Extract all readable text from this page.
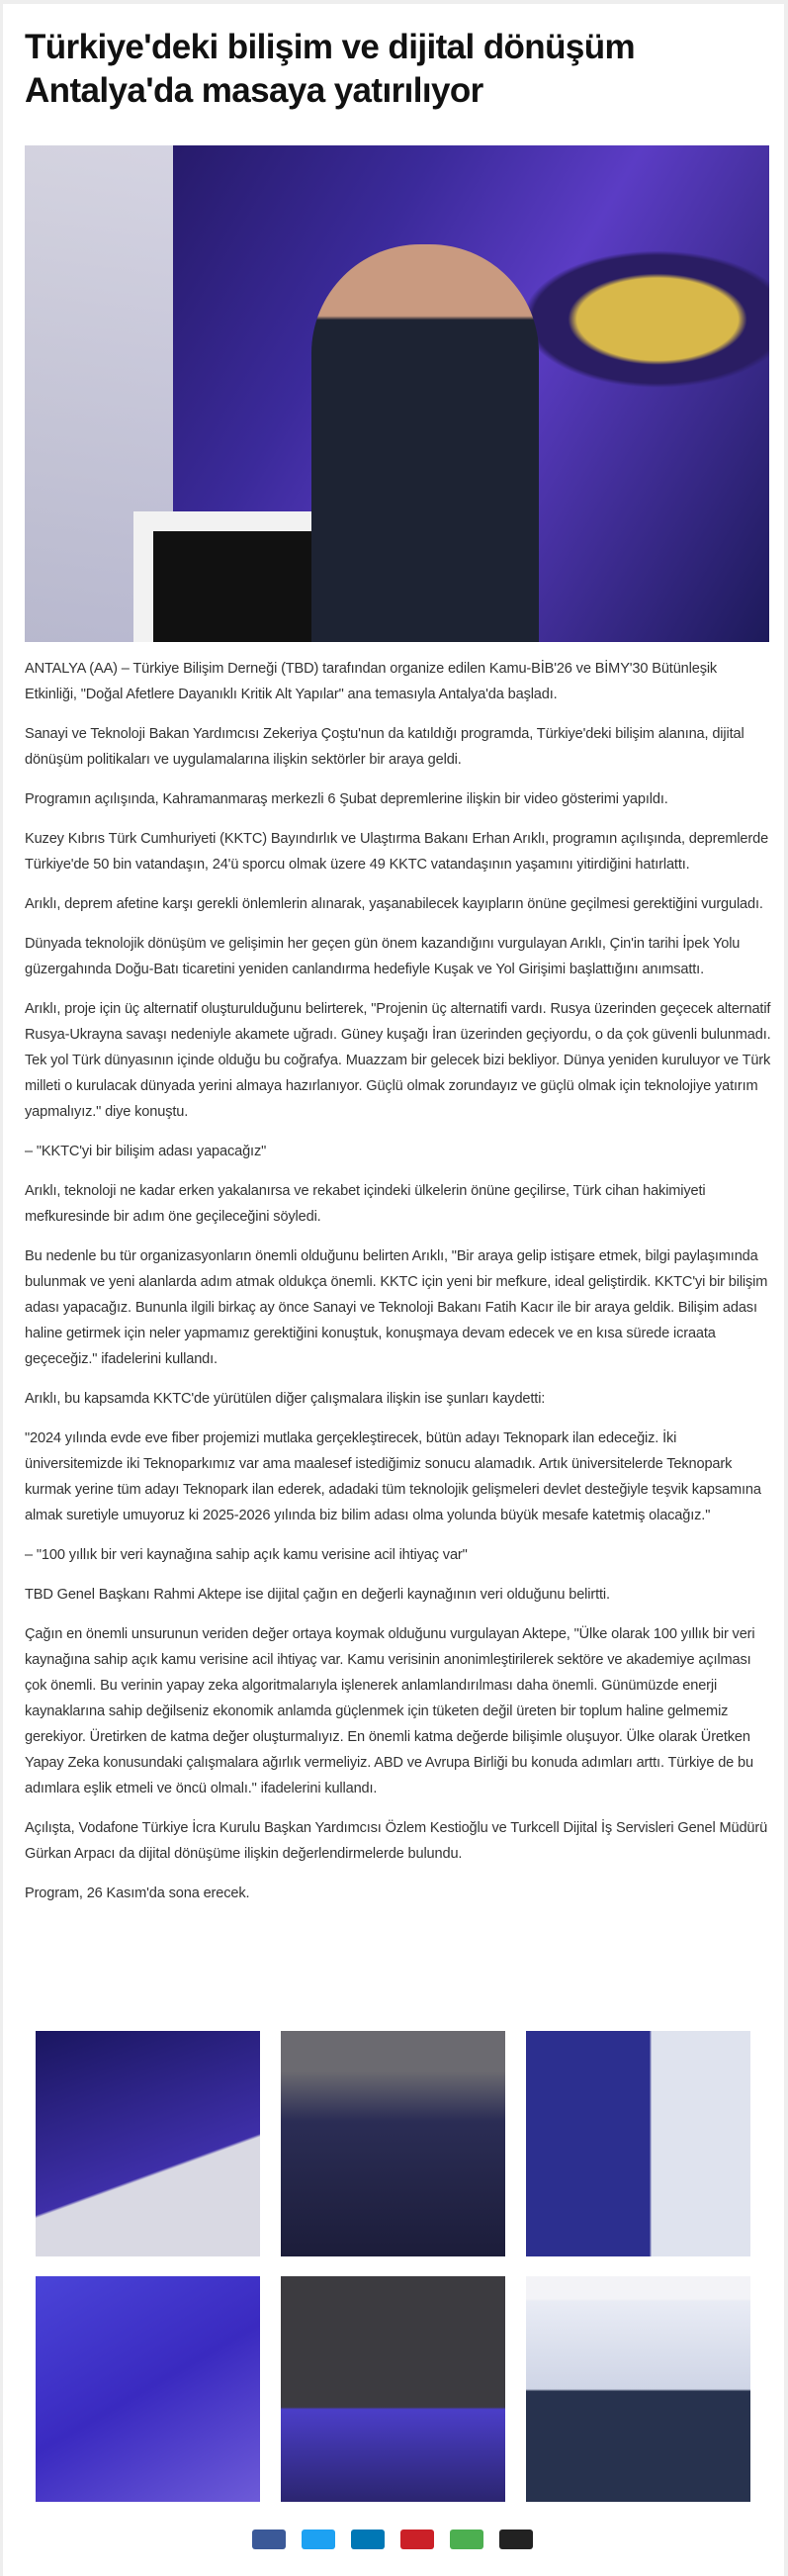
Türkiye'deki bilişim ve dijital dönüşüm Antalya'da masaya yatırılıyor

ANTALYA (AA) – Türkiye Bilişim Derneği (TBD) tarafından organize edilen Kamu-BİB'26 ve BİMY'30 Bütünleşik Etkinliği, "Doğal Afetlere Dayanıklı Kritik Alt Yapılar" ana temasıyla Antalya'da başladı.

Sanayi ve Teknoloji Bakan Yardımcısı Zekeriya Çoştu'nun da katıldığı programda, Türkiye'deki bilişim alanına, dijital dönüşüm politikaları ve uygulamalarına ilişkin sektörler bir araya geldi.

Programın açılışında, Kahramanmaraş merkezli 6 Şubat depremlerine ilişkin bir video gösterimi yapıldı.

Kuzey Kıbrıs Türk Cumhuriyeti (KKTC) Bayındırlık ve Ulaştırma Bakanı Erhan Arıklı, programın açılışında, depremlerde Türkiye'de 50 bin vatandaşın, 24'ü sporcu olmak üzere 49 KKTC vatandaşının yaşamını yitirdiğini hatırlattı.

Arıklı, deprem afetine karşı gerekli önlemlerin alınarak, yaşanabilecek kayıpların önüne geçilmesi gerektiğini vurguladı.

Dünyada teknolojik dönüşüm ve gelişimin her geçen gün önem kazandığını vurgulayan Arıklı, Çin'in tarihi İpek Yolu güzergahında Doğu-Batı ticaretini yeniden canlandırma hedefiyle Kuşak ve Yol Girişimi başlattığını anımsattı.

Arıklı, proje için üç alternatif oluşturulduğunu belirterek, "Projenin üç alternatifi vardı. Rusya üzerinden geçecek alternatif Rusya-Ukrayna savaşı nedeniyle akamete uğradı. Güney kuşağı İran üzerinden geçiyordu, o da çok güvenli bulunmadı. Tek yol Türk dünyasının içinde olduğu bu coğrafya. Muazzam bir gelecek bizi bekliyor. Dünya yeniden kuruluyor ve Türk milleti o kurulacak dünyada yerini almaya hazırlanıyor. Güçlü olmak zorundayız ve güçlü olmak için teknolojiye yatırım yapmalıyız." diye konuştu.

– "KKTC'yi bir bilişim adası yapacağız"

Arıklı, teknoloji ne kadar erken yakalanırsa ve rekabet içindeki ülkelerin önüne geçilirse, Türk cihan hakimiyeti mefkuresinde bir adım öne geçileceğini söyledi.

Bu nedenle bu tür organizasyonların önemli olduğunu belirten Arıklı, "Bir araya gelip istişare etmek, bilgi paylaşımında bulunmak ve yeni alanlarda adım atmak oldukça önemli. KKTC için yeni bir mefkure, ideal geliştirdik. KKTC'yi bir bilişim adası yapacağız. Bununla ilgili birkaç ay önce Sanayi ve Teknoloji Bakanı Fatih Kacır ile bir araya geldik. Bilişim adası haline getirmek için neler yapmamız gerektiğini konuştuk, konuşmaya devam edecek ve en kısa sürede icraata geçeceğiz." ifadelerini kullandı.

Arıklı, bu kapsamda KKTC'de yürütülen diğer çalışmalara ilişkin ise şunları kaydetti:

"2024 yılında evde eve fiber projemizi mutlaka gerçekleştirecek, bütün adayı Teknopark ilan edeceğiz. İki üniversitemizde iki Teknoparkımız var ama maalesef istediğimiz sonucu alamadık. Artık üniversitelerde Teknopark kurmak yerine tüm adayı Teknopark ilan ederek, adadaki tüm teknolojik gelişmeleri devlet desteğiyle teşvik kapsamına almak suretiyle umuyoruz ki 2025-2026 yılında biz bilim adası olma yolunda büyük mesafe katetmiş olacağız."

– "100 yıllık bir veri kaynağına sahip açık kamu verisine acil ihtiyaç var"

TBD Genel Başkanı Rahmi Aktepe ise dijital çağın en değerli kaynağının veri olduğunu belirtti.

Çağın en önemli unsurunun veriden değer ortaya koymak olduğunu vurgulayan Aktepe, "Ülke olarak 100 yıllık bir veri kaynağına sahip açık kamu verisine acil ihtiyaç var. Kamu verisinin anonimleştirilerek sektöre ve akademiye açılması çok önemli. Bu verinin yapay zeka algoritmalarıyla işlenerek anlamlandırılması daha önemli. Günümüzde enerji kaynaklarına sahip değilseniz ekonomik anlamda güçlenmek için tüketen değil üreten bir toplum haline gelmemiz gerekiyor. Üretirken de katma değer oluşturmalıyız. En önemli katma değerde bilişimle oluşuyor. Ülke olarak Üretken Yapay Zeka konusundaki çalışmalara ağırlık vermeliyiz. ABD ve Avrupa Birliği bu konuda adımları arttı. Türkiye de bu adımlara eşlik etmeli ve öncü olmalı." ifadelerini kullandı.

Açılışta, Vodafone Türkiye İcra Kurulu Başkan Yardımcısı Özlem Kestioğlu ve Turkcell Dijital İş Servisleri Genel Müdürü Gürkan Arpacı da dijital dönüşüme ilişkin değerlendirmelerde bulundu.

Program, 26 Kasım'da sona erecek.
